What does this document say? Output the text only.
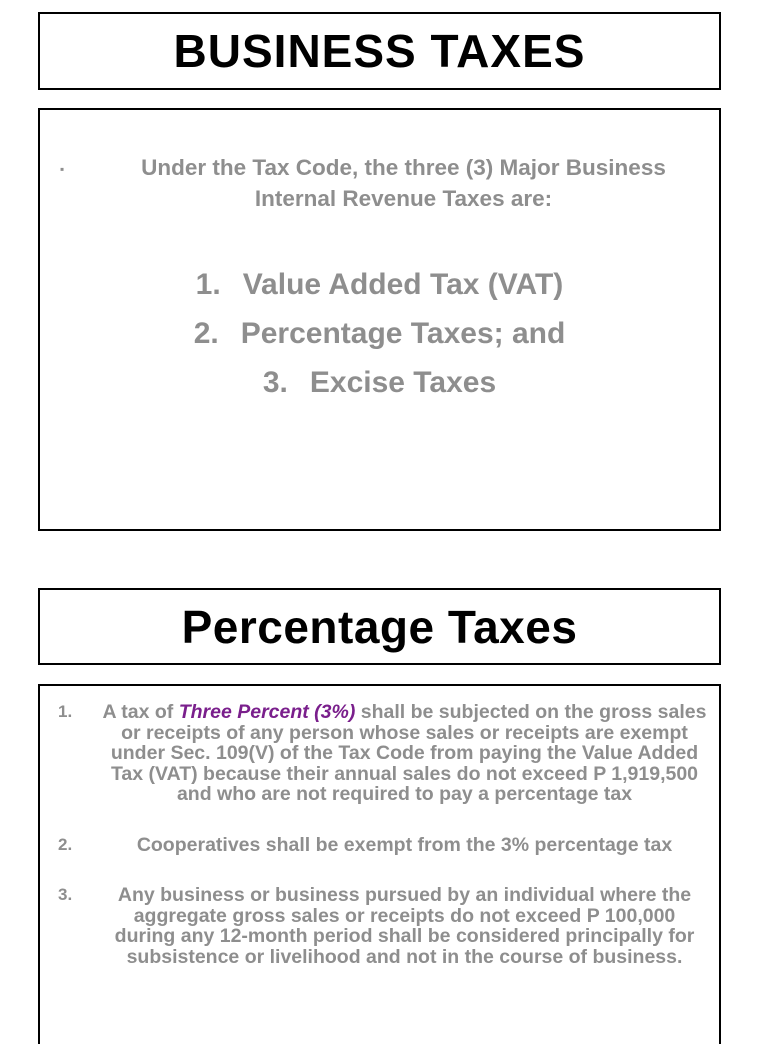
BUSINESS TAXES
▪	Under the Tax Code, the three (3) Major Business Internal Revenue Taxes are:
1. Value Added Tax (VAT)
2. Percentage Taxes; and
3. Excise Taxes
Percentage Taxes
1.	A tax of Three Percent (3%) shall be subjected on the gross sales or receipts of any person whose sales or receipts are exempt under Sec. 109(V) of the Tax Code from paying the Value Added Tax (VAT) because their annual sales do not exceed P 1,919,500 and who are not required to pay a percentage tax
2.	Cooperatives shall be exempt from the 3% percentage tax
3.	Any business or business pursued by an individual where the aggregate gross sales or receipts do not exceed P 100,000 during any 12-month period shall be considered principally for subsistence or livelihood and not in the course of business.
